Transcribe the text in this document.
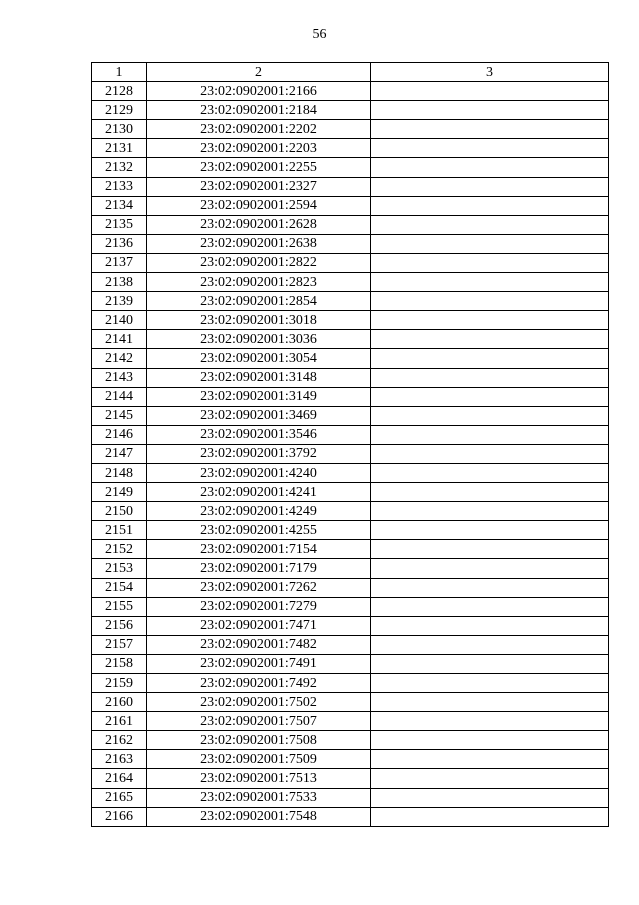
56
1	2	3
2128	23:02:0902001:2166	
2129	23:02:0902001:2184	
2130	23:02:0902001:2202	
2131	23:02:0902001:2203	
2132	23:02:0902001:2255	
2133	23:02:0902001:2327	
2134	23:02:0902001:2594	
2135	23:02:0902001:2628	
2136	23:02:0902001:2638	
2137	23:02:0902001:2822	
2138	23:02:0902001:2823	
2139	23:02:0902001:2854	
2140	23:02:0902001:3018	
2141	23:02:0902001:3036	
2142	23:02:0902001:3054	
2143	23:02:0902001:3148	
2144	23:02:0902001:3149	
2145	23:02:0902001:3469	
2146	23:02:0902001:3546	
2147	23:02:0902001:3792	
2148	23:02:0902001:4240	
2149	23:02:0902001:4241	
2150	23:02:0902001:4249	
2151	23:02:0902001:4255	
2152	23:02:0902001:7154	
2153	23:02:0902001:7179	
2154	23:02:0902001:7262	
2155	23:02:0902001:7279	
2156	23:02:0902001:7471	
2157	23:02:0902001:7482	
2158	23:02:0902001:7491	
2159	23:02:0902001:7492	
2160	23:02:0902001:7502	
2161	23:02:0902001:7507	
2162	23:02:0902001:7508	
2163	23:02:0902001:7509	
2164	23:02:0902001:7513	
2165	23:02:0902001:7533	
2166	23:02:0902001:7548	
